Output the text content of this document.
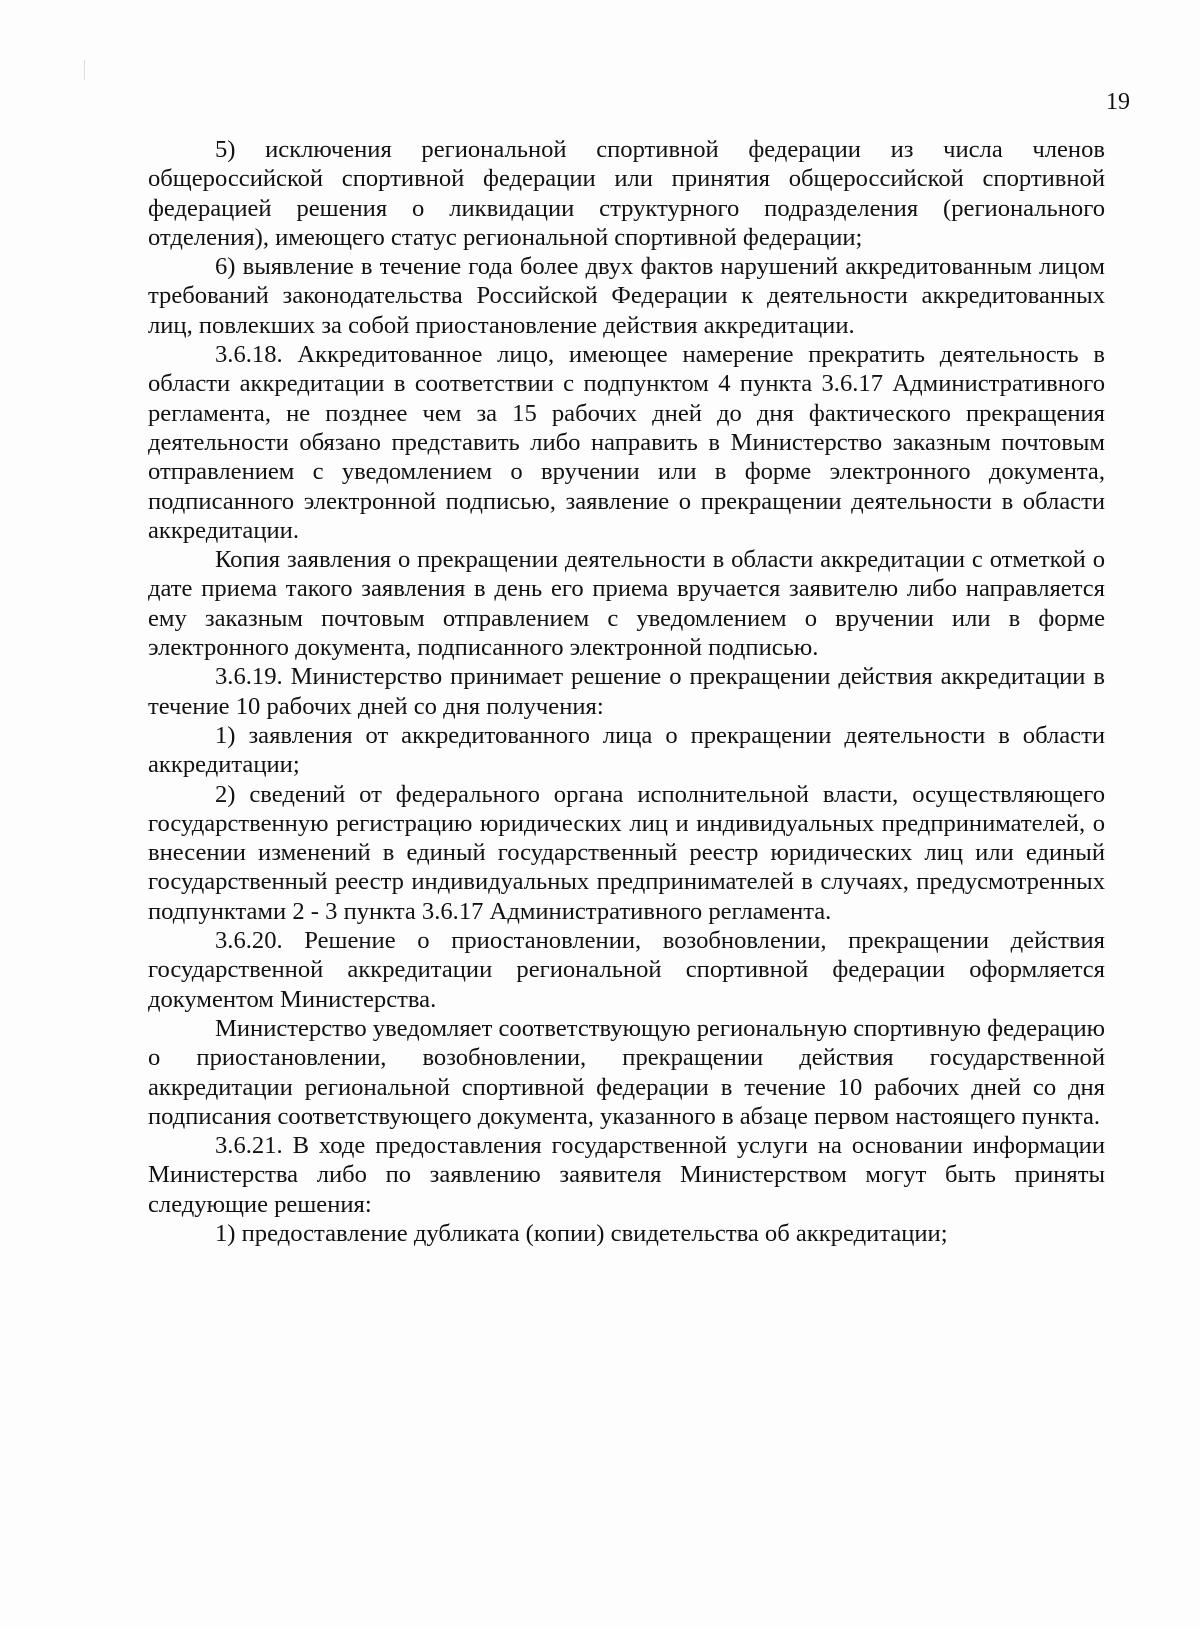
19

5) исключения региональной спортивной федерации из числа членов общероссийской спортивной федерации или принятия общероссийской спортивной федерацией решения о ликвидации структурного подразделения (регионального отделения), имеющего статус региональной спортивной федерации;

6) выявление в течение года более двух фактов нарушений аккредитованным лицом требований законодательства Российской Федерации к деятельности аккредитованных лиц, повлекших за собой приостановление действия аккредитации.

3.6.18. Аккредитованное лицо, имеющее намерение прекратить деятельность в области аккредитации в соответствии с подпунктом 4 пункта 3.6.17 Административного регламента, не позднее чем за 15 рабочих дней до дня фактического прекращения деятельности обязано представить либо направить в Министерство заказным почтовым отправлением с уведомлением о вручении или в форме электронного документа, подписанного электронной подписью, заявление о прекращении деятельности в области аккредитации.

Копия заявления о прекращении деятельности в области аккредитации с отметкой о дате приема такого заявления в день его приема вручается заявителю либо направляется ему заказным почтовым отправлением с уведомлением о вручении или в форме электронного документа, подписанного электронной подписью.

3.6.19. Министерство принимает решение о прекращении действия аккредитации в течение 10 рабочих дней со дня получения:

1) заявления от аккредитованного лица о прекращении деятельности в области аккредитации;

2) сведений от федерального органа исполнительной власти, осуществляющего государственную регистрацию юридических лиц и индивидуальных предпринимателей, о внесении изменений в единый государственный реестр юридических лиц или единый государственный реестр индивидуальных предпринимателей в случаях, предусмотренных подпунктами 2 - 3 пункта 3.6.17 Административного регламента.

3.6.20. Решение о приостановлении, возобновлении, прекращении действия государственной аккредитации региональной спортивной федерации оформляется документом Министерства.

Министерство уведомляет соответствующую региональную спортивную федерацию о приостановлении, возобновлении, прекращении действия государственной аккредитации региональной спортивной федерации в течение 10 рабочих дней со дня подписания соответствующего документа, указанного в абзаце первом настоящего пункта.

3.6.21. В ходе предоставления государственной услуги на основании информации Министерства либо по заявлению заявителя Министерством могут быть приняты следующие решения:

1) предоставление дубликата (копии) свидетельства об аккредитации;
